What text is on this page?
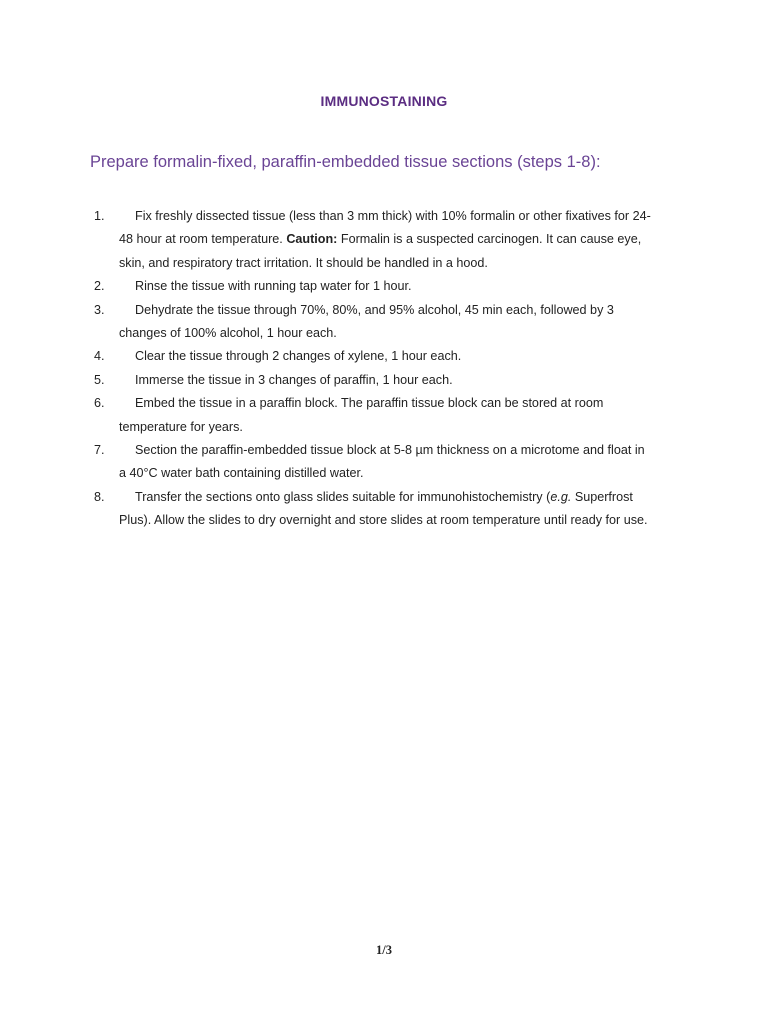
IMMUNOSTAINING
Prepare formalin-fixed, paraffin-embedded tissue sections (steps 1-8):
1.	Fix freshly dissected tissue (less than 3 mm thick) with 10% formalin or other fixatives for 24-48 hour at room temperature. Caution: Formalin is a suspected carcinogen. It can cause eye, skin, and respiratory tract irritation. It should be handled in a hood.
2.	Rinse the tissue with running tap water for 1 hour.
3.	Dehydrate the tissue through 70%, 80%, and 95% alcohol, 45 min each, followed by 3 changes of 100% alcohol, 1 hour each.
4.	Clear the tissue through 2 changes of xylene, 1 hour each.
5.	Immerse the tissue in 3 changes of paraffin, 1 hour each.
6.	Embed the tissue in a paraffin block. The paraffin tissue block can be stored at room temperature for years.
7.	Section the paraffin-embedded tissue block at 5-8 µm thickness on a microtome and float in a 40°C water bath containing distilled water.
8.	Transfer the sections onto glass slides suitable for immunohistochemistry (e.g. Superfrost Plus). Allow the slides to dry overnight and store slides at room temperature until ready for use.
1/3
